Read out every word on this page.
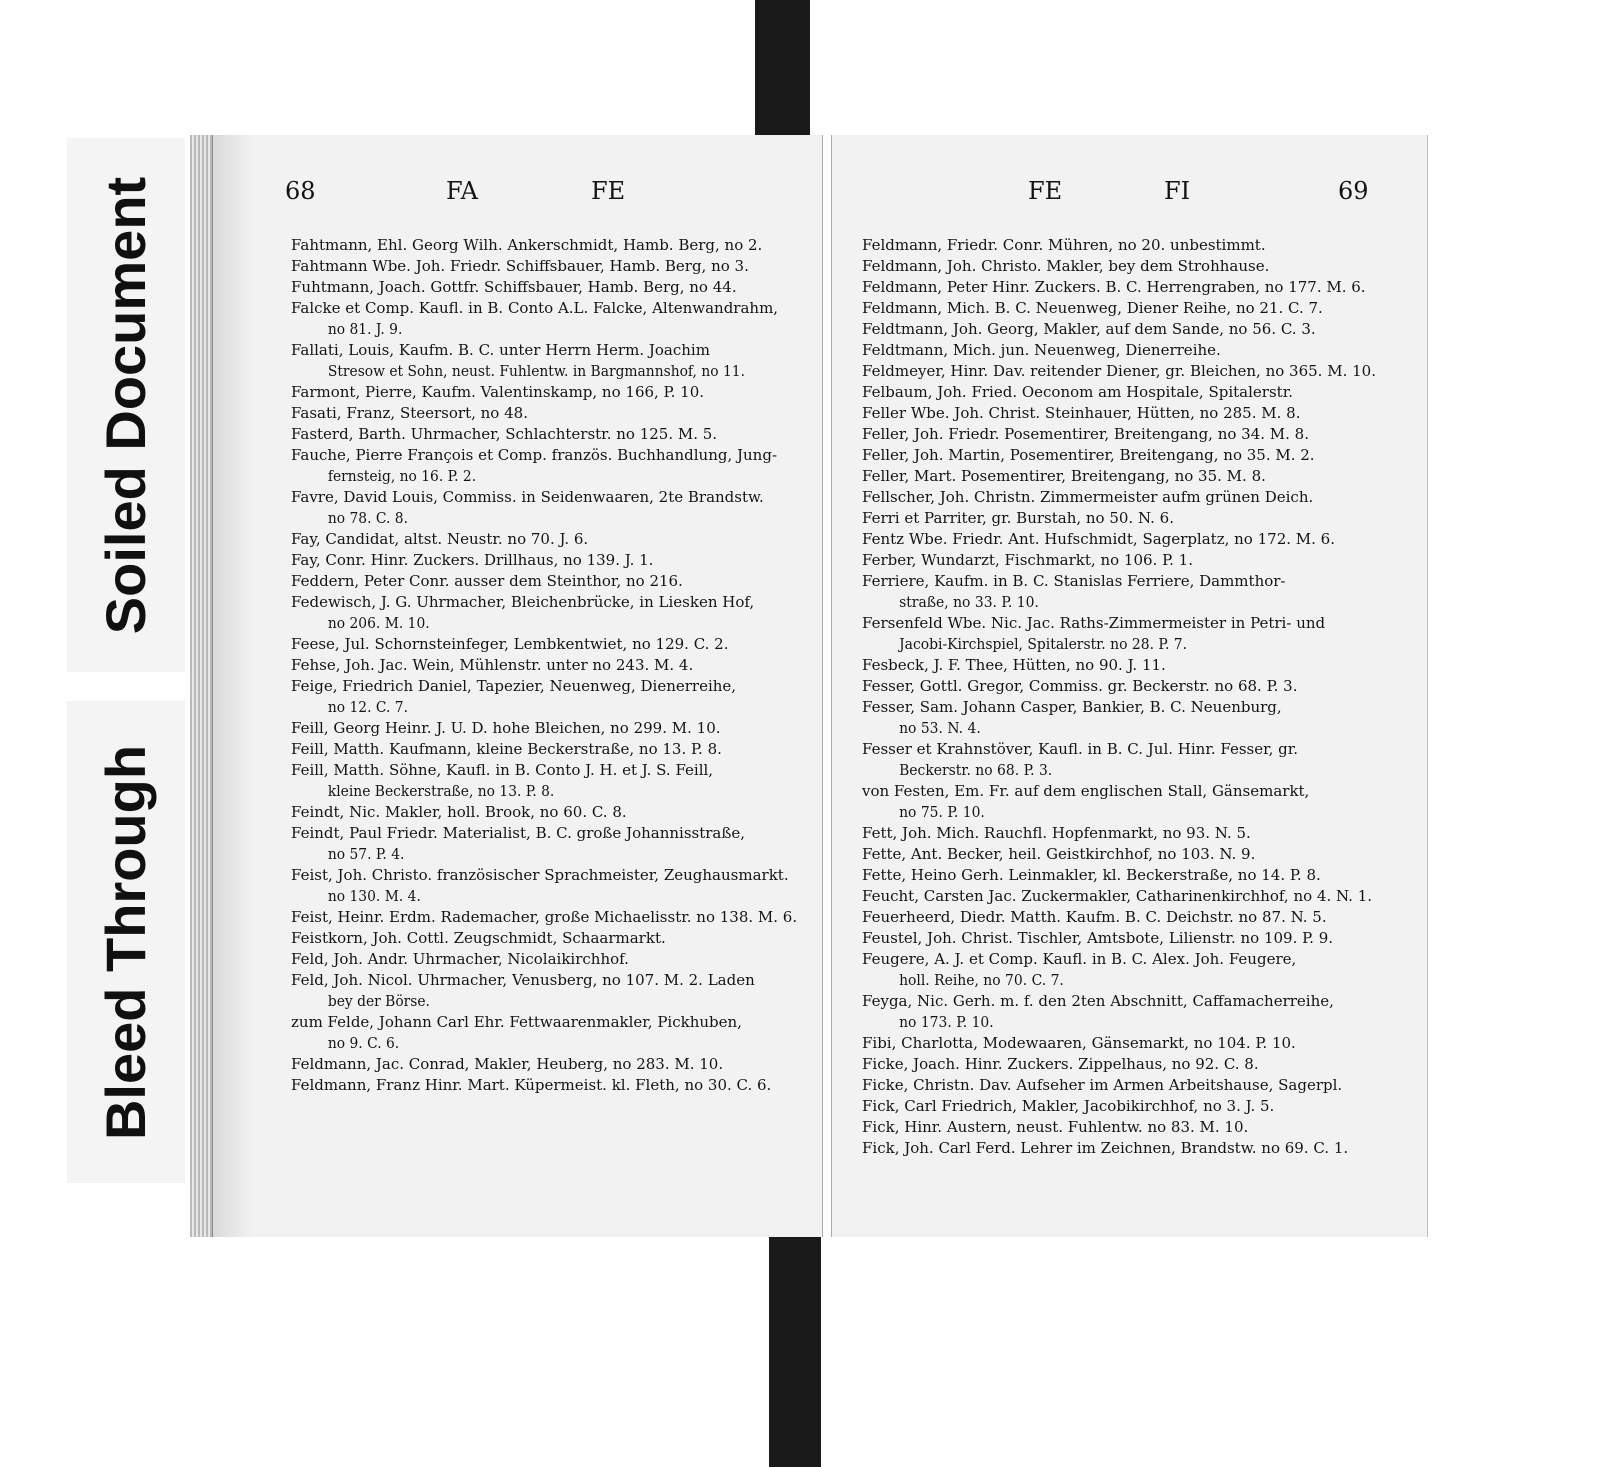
Soiled Document
Bleed Through
68	FA	FE

Fahtmann, Ehl. Georg Wilh. Ankerschmidt, Hamb. Berg, no 2.

Fahtmann Wbe. Joh. Friedr. Schiffsbauer, Hamb. Berg, no 3.

Fuhtmann, Joach. Gottfr. Schiffsbauer, Hamb. Berg, no 44.

Falcke et Comp. Kaufl. in B. Conto A.L. Falcke, Altenwandrahm,
no 81. J. 9.

Fallati, Louis, Kaufm. B. C. unter Herrn Herm. Joachim
Stresow et Sohn, neust. Fuhlentw. in Bargmannshof, no 11.

Farmont, Pierre, Kaufm. Valentinskamp, no 166, P. 10.

Fasati, Franz, Steersort, no 48.

Fasterd, Barth. Uhrmacher, Schlachterstr. no 125. M. 5.

Fauche, Pierre François et Comp. französ. Buchhandlung, Jung-
fernsteig, no 16. P. 2.

Favre, David Louis, Commiss. in Seidenwaaren, 2te Brandstw.
no 78. C. 8.

Fay, Candidat, altst. Neustr. no 70. J. 6.

Fay, Conr. Hinr. Zuckers. Drillhaus, no 139. J. 1.

Feddern, Peter Conr. ausser dem Steinthor, no 216.

Fedewisch, J. G. Uhrmacher, Bleichenbrücke, in Liesken Hof,
no 206. M. 10.

Feese, Jul. Schornsteinfeger, Lembkentwiet, no 129. C. 2.

Fehse, Joh. Jac. Wein, Mühlenstr. unter no 243. M. 4.

Feige, Friedrich Daniel, Tapezier, Neuenweg, Dienerreihe,
no 12. C. 7.

Feill, Georg Heinr. J. U. D. hohe Bleichen, no 299. M. 10.

Feill, Matth. Kaufmann, kleine Beckerstraße, no 13. P. 8.

Feill, Matth. Söhne, Kaufl. in B. Conto J. H. et J. S. Feill,
kleine Beckerstraße, no 13. P. 8.

Feindt, Nic. Makler, holl. Brook, no 60. C. 8.

Feindt, Paul Friedr. Materialist, B. C. große Johannisstraße,
no 57. P. 4.

Feist, Joh. Christo. französischer Sprachmeister, Zeughausmarkt.
no 130. M. 4.

Feist, Heinr. Erdm. Rademacher, große Michaelisstr. no 138. M. 6.

Feistkorn, Joh. Cottl. Zeugschmidt, Schaarmarkt.

Feld, Joh. Andr. Uhrmacher, Nicolaikirchhof.

Feld, Joh. Nicol. Uhrmacher, Venusberg, no 107. M. 2. Laden
bey der Börse.

zum Felde, Johann Carl Ehr. Fettwaarenmakler, Pickhuben,
no 9. C. 6.

Feldmann, Jac. Conrad, Makler, Heuberg, no 283. M. 10.

Feldmann, Franz Hinr. Mart. Küpermeist. kl. Fleth, no 30. C. 6.

FE	FI	69

Feldmann, Friedr. Conr. Mühren, no 20. unbestimmt.

Feldmann, Joh. Christo. Makler, bey dem Strohhause.

Feldmann, Peter Hinr. Zuckers. B. C. Herrengraben, no 177. M. 6.

Feldmann, Mich. B. C. Neuenweg, Diener Reihe, no 21. C. 7.

Feldtmann, Joh. Georg, Makler, auf dem Sande, no 56. C. 3.

Feldtmann, Mich. jun. Neuenweg, Dienerreihe.

Feldmeyer, Hinr. Dav. reitender Diener, gr. Bleichen, no 365. M. 10.

Felbaum, Joh. Fried. Oeconom am Hospitale, Spitalerstr.

Feller Wbe. Joh. Christ. Steinhauer, Hütten, no 285. M. 8.

Feller, Joh. Friedr. Posementirer, Breitengang, no 34. M. 8.

Feller, Joh. Martin, Posementirer, Breitengang, no 35. M. 2.

Feller, Mart. Posementirer, Breitengang, no 35. M. 8.

Fellscher, Joh. Christn. Zimmermeister aufm grünen Deich.

Ferri et Parriter, gr. Burstah, no 50. N. 6.

Fentz Wbe. Friedr. Ant. Hufschmidt, Sagerplatz, no 172. M. 6.

Ferber, Wundarzt, Fischmarkt, no 106. P. 1.

Ferriere, Kaufm. in B. C. Stanislas Ferriere, Dammthor-
straße, no 33. P. 10.

Fersenfeld Wbe. Nic. Jac. Raths-Zimmermeister in Petri- und
Jacobi-Kirchspiel, Spitalerstr. no 28. P. 7.

Fesbeck, J. F. Thee, Hütten, no 90. J. 11.

Fesser, Gottl. Gregor, Commiss. gr. Beckerstr. no 68. P. 3.

Fesser, Sam. Johann Casper, Bankier, B. C. Neuenburg,
no 53. N. 4.

Fesser et Krahnstöver, Kaufl. in B. C. Jul. Hinr. Fesser, gr.
Beckerstr. no 68. P. 3.

von Festen, Em. Fr. auf dem englischen Stall, Gänsemarkt,
no 75. P. 10.

Fett, Joh. Mich. Rauchfl. Hopfenmarkt, no 93. N. 5.

Fette, Ant. Becker, heil. Geistkirchhof, no 103. N. 9.

Fette, Heino Gerh. Leinmakler, kl. Beckerstraße, no 14. P. 8.

Feucht, Carsten Jac. Zuckermakler, Catharinenkirchhof, no 4. N. 1.

Feuerheerd, Diedr. Matth. Kaufm. B. C. Deichstr. no 87. N. 5.

Feustel, Joh. Christ. Tischler, Amtsbote, Lilienstr. no 109. P. 9.

Feugere, A. J. et Comp. Kaufl. in B. C. Alex. Joh. Feugere,
holl. Reihe, no 70. C. 7.

Feyga, Nic. Gerh. m. f. den 2ten Abschnitt, Caffamacherreihe,
no 173. P. 10.

Fibi, Charlotta, Modewaaren, Gänsemarkt, no 104. P. 10.

Ficke, Joach. Hinr. Zuckers. Zippelhaus, no 92. C. 8.

Ficke, Christn. Dav. Aufseher im Armen Arbeitshause, Sagerpl.

Fick, Carl Friedrich, Makler, Jacobikirchhof, no 3. J. 5.

Fick, Hinr. Austern, neust. Fuhlentw. no 83. M. 10.

Fick, Joh. Carl Ferd. Lehrer im Zeichnen, Brandstw. no 69. C. 1.
